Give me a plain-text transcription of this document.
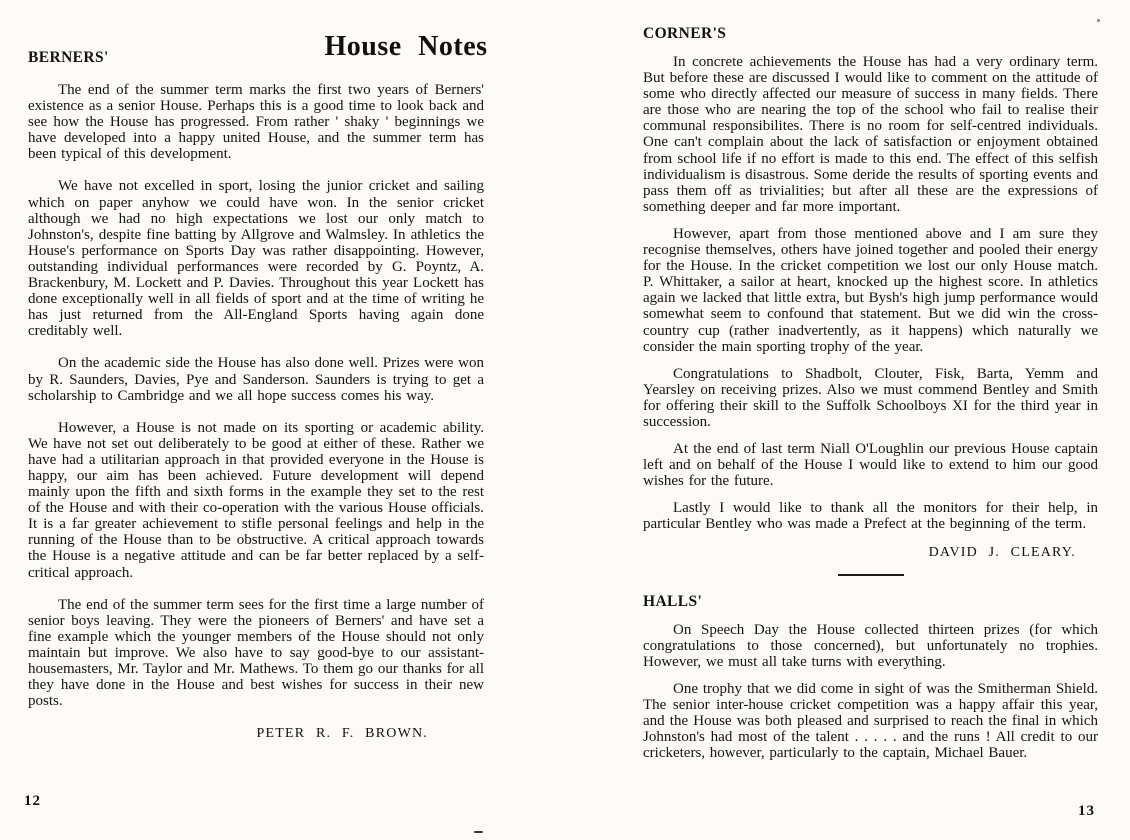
House Notes
BERNERS'

The end of the summer term marks the first two years of Berners' existence as a senior House. Perhaps this is a good time to look back and see how the House has progressed. From rather ' shaky ' beginnings we have developed into a happy united House, and the summer term has been typical of this development.

We have not excelled in sport, losing the junior cricket and sailing which on paper anyhow we could have won. In the senior cricket although we had no high expectations we lost our only match to Johnston's, despite fine batting by Allgrove and Walmsley. In athletics the House's performance on Sports Day was rather disappointing. However, outstanding individual performances were recorded by G. Poyntz, A. Brackenbury, M. Lockett and P. Davies. Throughout this year Lockett has done exceptionally well in all fields of sport and at the time of writing he has just returned from the All-England Sports having again done creditably well.

On the academic side the House has also done well. Prizes were won by R. Saunders, Davies, Pye and Sanderson. Saunders is trying to get a scholarship to Cambridge and we all hope success comes his way.

However, a House is not made on its sporting or academic ability. We have not set out deliberately to be good at either of these. Rather we have had a utilitarian approach in that provided everyone in the House is happy, our aim has been achieved. Future development will depend mainly upon the fifth and sixth forms in the example they set to the rest of the House and with their co-operation with the various House officials. It is a far greater achievement to stifle personal feelings and help in the running of the House than to be obstructive. A critical approach towards the House is a negative attitude and can be far better replaced by a self-critical approach.

The end of the summer term sees for the first time a large number of senior boys leaving. They were the pioneers of Berners' and have set a fine example which the younger members of the House should not only maintain but improve. We also have to say good-bye to our assistant-housemasters, Mr. Taylor and Mr. Mathews. To them go our thanks for all they have done in the House and best wishes for success in their new posts.

PETER R. F. BROWN.

CORNER'S

In concrete achievements the House has had a very ordinary term. But before these are discussed I would like to comment on the attitude of some who directly affected our measure of success in many fields. There are those who are nearing the top of the school who fail to realise their communal responsibilites. There is no room for self-centred individuals. One can't complain about the lack of satisfaction or enjoyment obtained from school life if no effort is made to this end. The effect of this selfish individualism is disastrous. Some deride the results of sporting events and pass them off as trivialities; but after all these are the expressions of something deeper and far more important.

However, apart from those mentioned above and I am sure they recognise themselves, others have joined together and pooled their energy for the House. In the cricket competition we lost our only House match. P. Whittaker, a sailor at heart, knocked up the highest score. In athletics again we lacked that little extra, but Bysh's high jump performance would somewhat seem to confound that statement. But we did win the cross-country cup (rather inadvertently, as it happens) which naturally we consider the main sporting trophy of the year.

Congratulations to Shadbolt, Clouter, Fisk, Barta, Yemm and Yearsley on receiving prizes. Also we must commend Bentley and Smith for offering their skill to the Suffolk Schoolboys XI for the third year in succession.

At the end of last term Niall O'Loughlin our previous House captain left and on behalf of the House I would like to extend to him our good wishes for the future.

Lastly I would like to thank all the monitors for their help, in particular Bentley who was made a Prefect at the beginning of the term.

DAVID J. CLEARY.

HALLS'

On Speech Day the House collected thirteen prizes (for which congratulations to those concerned), but unfortunately no trophies. However, we must all take turns with everything.

One trophy that we did come in sight of was the Smitherman Shield. The senior inter-house cricket competition was a happy affair this year, and the House was both pleased and surprised to reach the final in which Johnston's had most of the talent . . . . . and the runs ! All credit to our cricketers, however, particularly to the captain, Michael Bauer.

12
13
